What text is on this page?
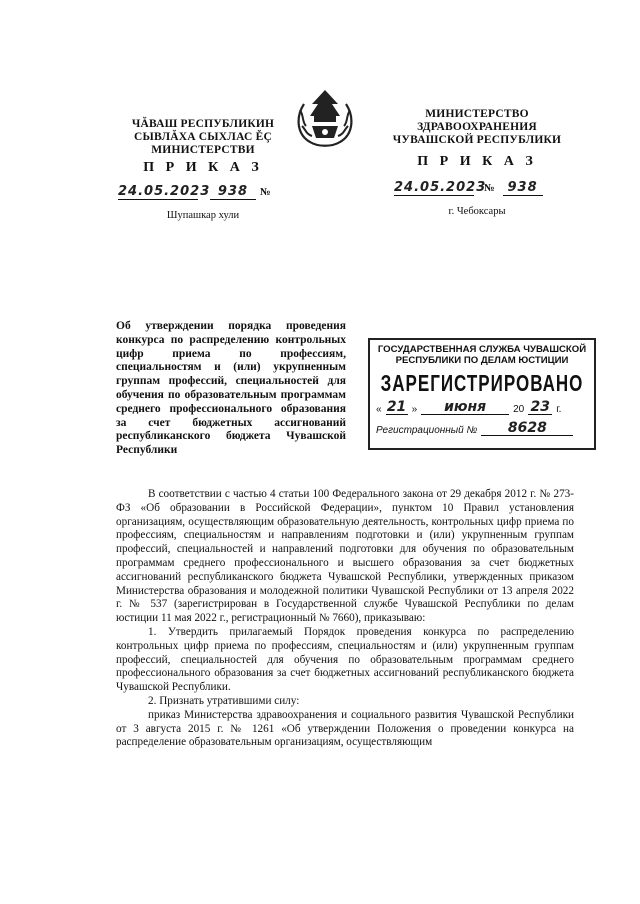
ЧĂВАШ РЕСПУБЛИКИН
СЫВЛĂХА СЫХЛАС ĚÇ
МИНИСТЕРСТВИ
П Р И К А З
24.05.2023 938 №
Шупашкар хули
МИНИСТЕРСТВО
ЗДРАВООХРАНЕНИЯ
ЧУВАШСКОЙ РЕСПУБЛИКИ
П Р И К А З
24.05.2023 № 938
г. Чебоксары
Об утверждении порядка проведения конкурса по распределению контрольных цифр приема по профессиям, специальностям и (или) укрупненным группам профессий, специальностей для обучения по образовательным программам среднего профессионального образования за счет бюджетных ассигнований республиканского бюджета Чувашской Республики
ГОСУДАРСТВЕННАЯ СЛУЖБА ЧУВАШСКОЙ
РЕСПУБЛИКИ ПО ДЕЛАМ ЮСТИЦИИ
ЗАРЕГИСТРИРОВАНО
« 21 »	июня	20 23 г.
Регистрационный №	8628

В соответствии с частью 4 статьи 100 Федерального закона от 29 декабря 2012 г. № 273-ФЗ «Об образовании в Российской Федерации», пунктом 10 Правил установления организациям, осуществляющим образовательную деятельность, контрольных цифр приема по профессиям, специальностям и направлениям подготовки и (или) укрупненным группам профессий, специальностей и направлений подготовки для обучения по образовательным программам среднего профессионального и высшего образования за счет бюджетных ассигнований республиканского бюджета Чувашской Республики, утвержденных приказом Министерства образования и молодежной политики Чувашской Республики от 13 апреля 2022 г. № 537 (зарегистрирован в Государственной службе Чувашской Республики по делам юстиции 11 мая 2022 г., регистрационный № 7660), приказываю:

1. Утвердить прилагаемый Порядок проведения конкурса по распределению контрольных цифр приема по профессиям, специальностям и (или) укрупненным группам профессий, специальностей для обучения по образовательным программам среднего профессионального образования за счет бюджетных ассигнований республиканского бюджета Чувашской Республики.

2. Признать утратившими силу:

приказ Министерства здравоохранения и социального развития Чувашской Республики от 3 августа 2015 г. № 1261 «Об утверждении Положения о проведении конкурса на распределение образовательным организациям, осуществляющим
